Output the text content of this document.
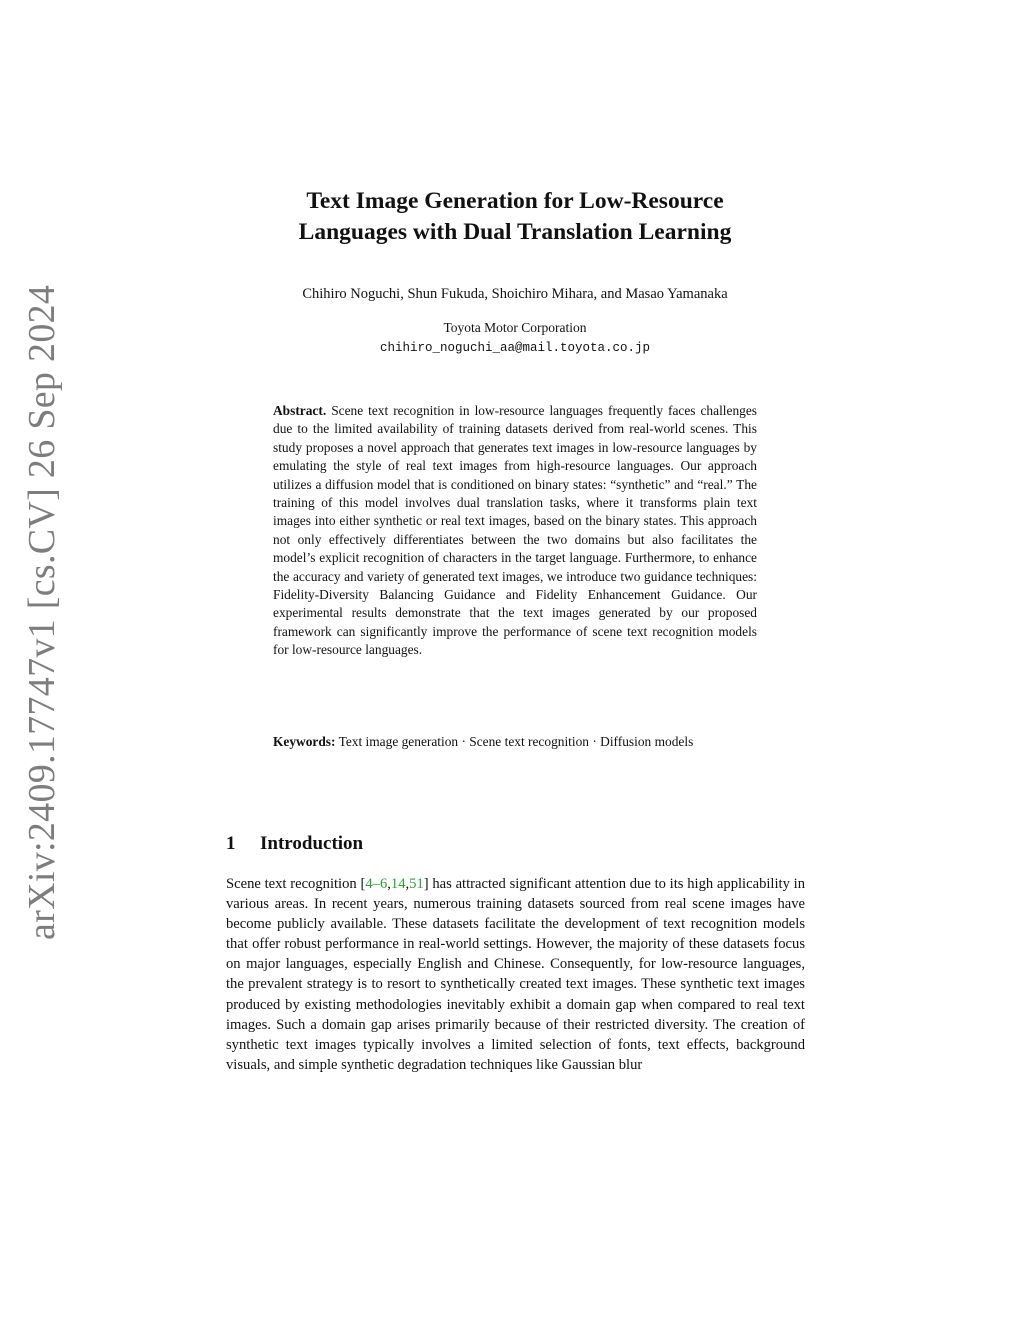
arXiv:2409.17747v1 [cs.CV] 26 Sep 2024
Text Image Generation for Low-Resource
Languages with Dual Translation Learning

Chihiro Noguchi, Shun Fukuda, Shoichiro Mihara, and Masao Yamanaka

Toyota Motor Corporation

chihiro_noguchi_aa@mail.toyota.co.jp

Abstract. Scene text recognition in low-resource languages frequently faces challenges due to the limited availability of training datasets derived from real-world scenes. This study proposes a novel approach that generates text images in low-resource languages by emulating the style of real text images from high-resource languages. Our approach utilizes a diffusion model that is conditioned on binary states: “synthetic” and “real.” The training of this model involves dual translation tasks, where it transforms plain text images into either synthetic or real text images, based on the binary states. This approach not only effectively differentiates between the two domains but also facilitates the model’s explicit recognition of characters in the target language. Furthermore, to enhance the accuracy and variety of generated text images, we introduce two guidance techniques: Fidelity-Diversity Balancing Guidance and Fidelity Enhancement Guidance. Our experimental results demonstrate that the text images generated by our proposed framework can significantly improve the performance of scene text recognition models for low-resource languages.

Keywords: Text image generation · Scene text recognition · Diffusion models

1 Introduction

Scene text recognition [4–6,14,51] has attracted significant attention due to its high applicability in various areas. In recent years, numerous training datasets sourced from real scene images have become publicly available. These datasets facilitate the development of text recognition models that offer robust performance in real-world settings. However, the majority of these datasets focus on major languages, especially English and Chinese. Consequently, for low-resource languages, the prevalent strategy is to resort to synthetically created text images. These synthetic text images produced by existing methodologies inevitably exhibit a domain gap when compared to real text images. Such a domain gap arises primarily because of their restricted diversity. The creation of synthetic text images typically involves a limited selection of fonts, text effects, background visuals, and simple synthetic degradation techniques like Gaussian blur
